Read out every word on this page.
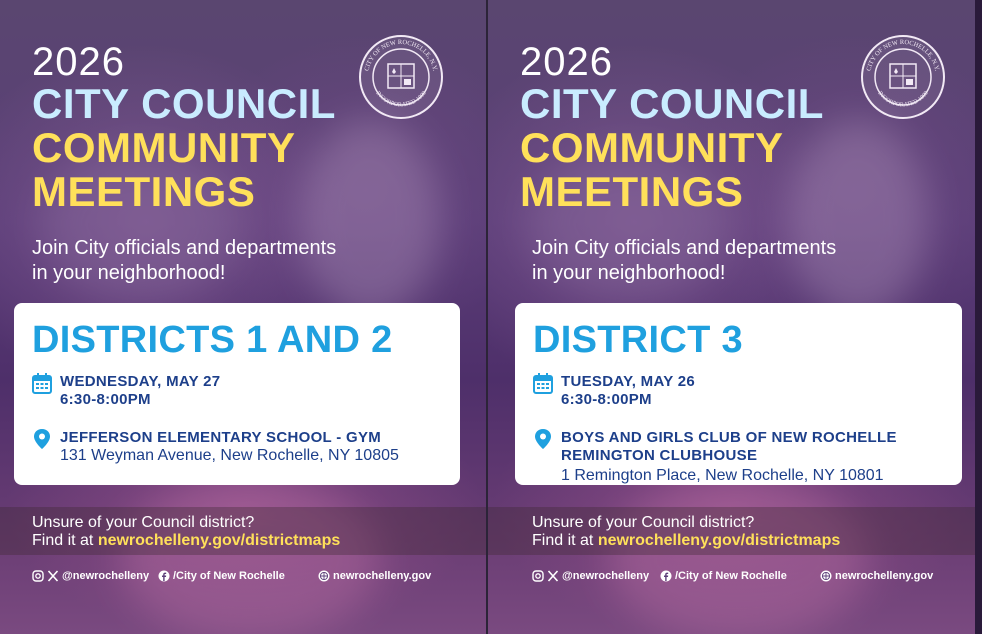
2026
CITY COUNCIL
COMMUNITY
MEETINGS
CITY OF NEW ROCHELLE, N.Y.
INCORPORATED 1899
Join City officials and departments
in your neighborhood!
DISTRICTS 1 AND 2
WEDNESDAY, MAY 27
6:30-8:00PM
JEFFERSON ELEMENTARY SCHOOL - GYM
131 Weyman Avenue, New Rochelle, NY 10805
Unsure of your Council district?
Find it at newrochelleny.gov/districtmaps
@newrochelleny /City of New Rochelle	newrochelleny.gov
2026
CITY COUNCIL
COMMUNITY
MEETINGS
CITY OF NEW ROCHELLE, N.Y.
INCORPORATED 1899
Join City officials and departments
in your neighborhood!
DISTRICT 3
TUESDAY, MAY 26
6:30-8:00PM
BOYS AND GIRLS CLUB OF NEW ROCHELLE
REMINGTON CLUBHOUSE
1 Remington Place, New Rochelle, NY 10801
Unsure of your Council district?
Find it at newrochelleny.gov/districtmaps
@newrochelleny /City of New Rochelle	newrochelleny.gov
